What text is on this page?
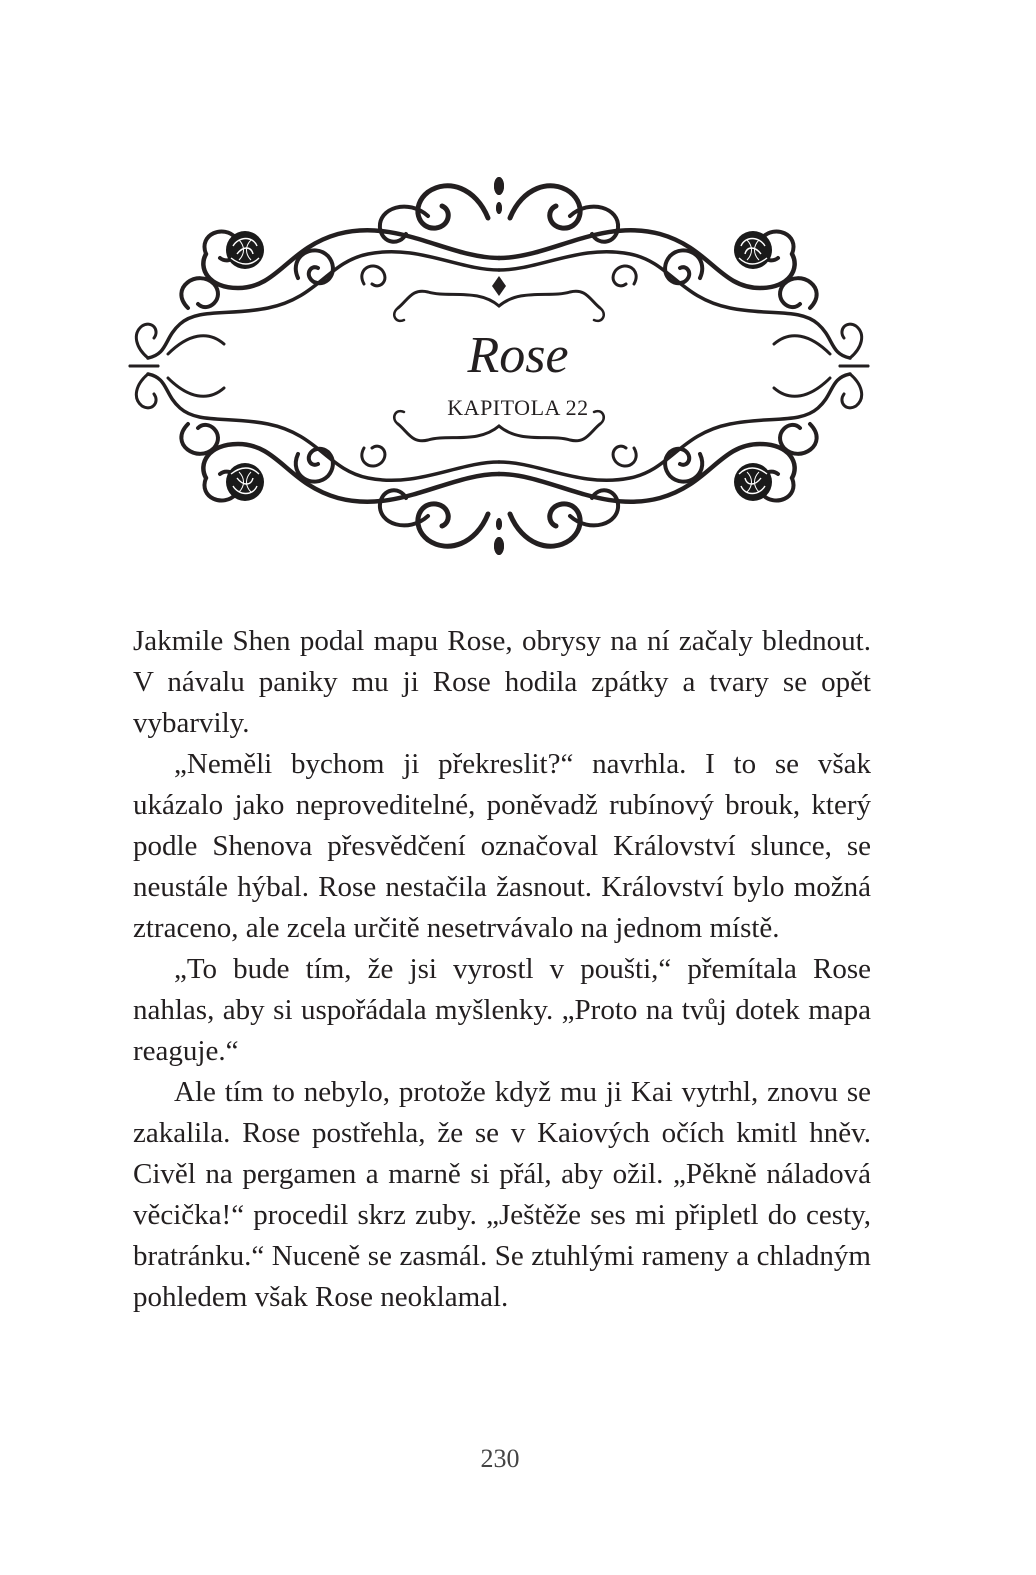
Rose
KAPITOLA 22

Jakmile Shen podal mapu Rose, obrysy na ní začaly blednout. V návalu paniky mu ji Rose hodila zpátky a tvary se opět vybarvily.

„Neměli bychom ji překreslit?“ navrhla. I to se však ukázalo jako neproveditelné, poněvadž rubínový brouk, který podle Shenova přesvědčení označoval Království slunce, se neustále hýbal. Rose nestačila žasnout. Království bylo možná ztraceno, ale zcela určitě nesetrvávalo na jednom místě.

„To bude tím, že jsi vyrostl v poušti,“ přemítala Rose nahlas, aby si uspořádala myšlenky. „Proto na tvůj dotek mapa reaguje.“

Ale tím to nebylo, protože když mu ji Kai vytrhl, znovu se zakalila. Rose postřehla, že se v Kaiových očích kmitl hněv. Civěl na pergamen a marně si přál, aby ožil. „Pěkně náladová věcička!“ procedil skrz zuby. „Ještěže ses mi připletl do cesty, bratránku.“ Nuceně se zasmál. Se ztuhlými rameny a chladným pohledem však Rose neoklamal.

230
